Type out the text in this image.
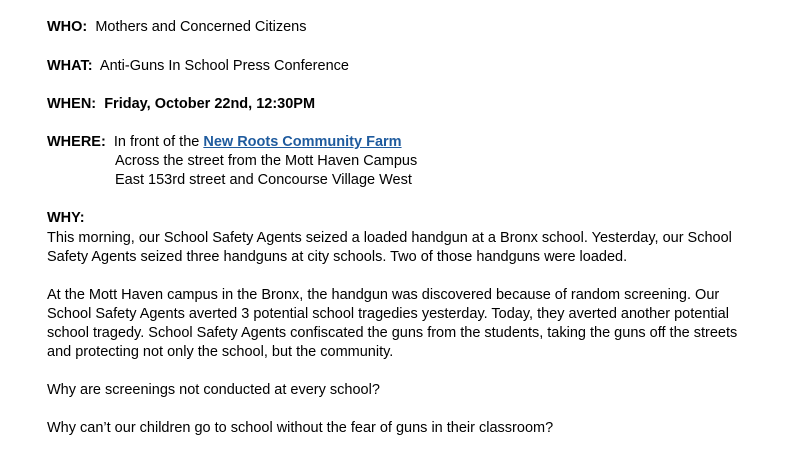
WHO: Mothers and Concerned Citizens
WHAT: Anti-Guns In School Press Conference
WHEN: Friday, October 22nd, 12:30PM
WHERE: In front of the New Roots Community Farm
Across the street from the Mott Haven Campus
East 153rd street and Concourse Village West
WHY:
This morning, our School Safety Agents seized a loaded handgun at a Bronx school. Yesterday, our School
Safety Agents seized three handguns at city schools. Two of those handguns were loaded.
At the Mott Haven campus in the Bronx, the handgun was discovered because of random screening. Our
School Safety Agents averted 3 potential school tragedies yesterday. Today, they averted another potential
school tragedy. School Safety Agents confiscated the guns from the students, taking the guns off the streets
and protecting not only the school, but the community.
Why are screenings not conducted at every school?
Why can’t our children go to school without the fear of guns in their classroom?
